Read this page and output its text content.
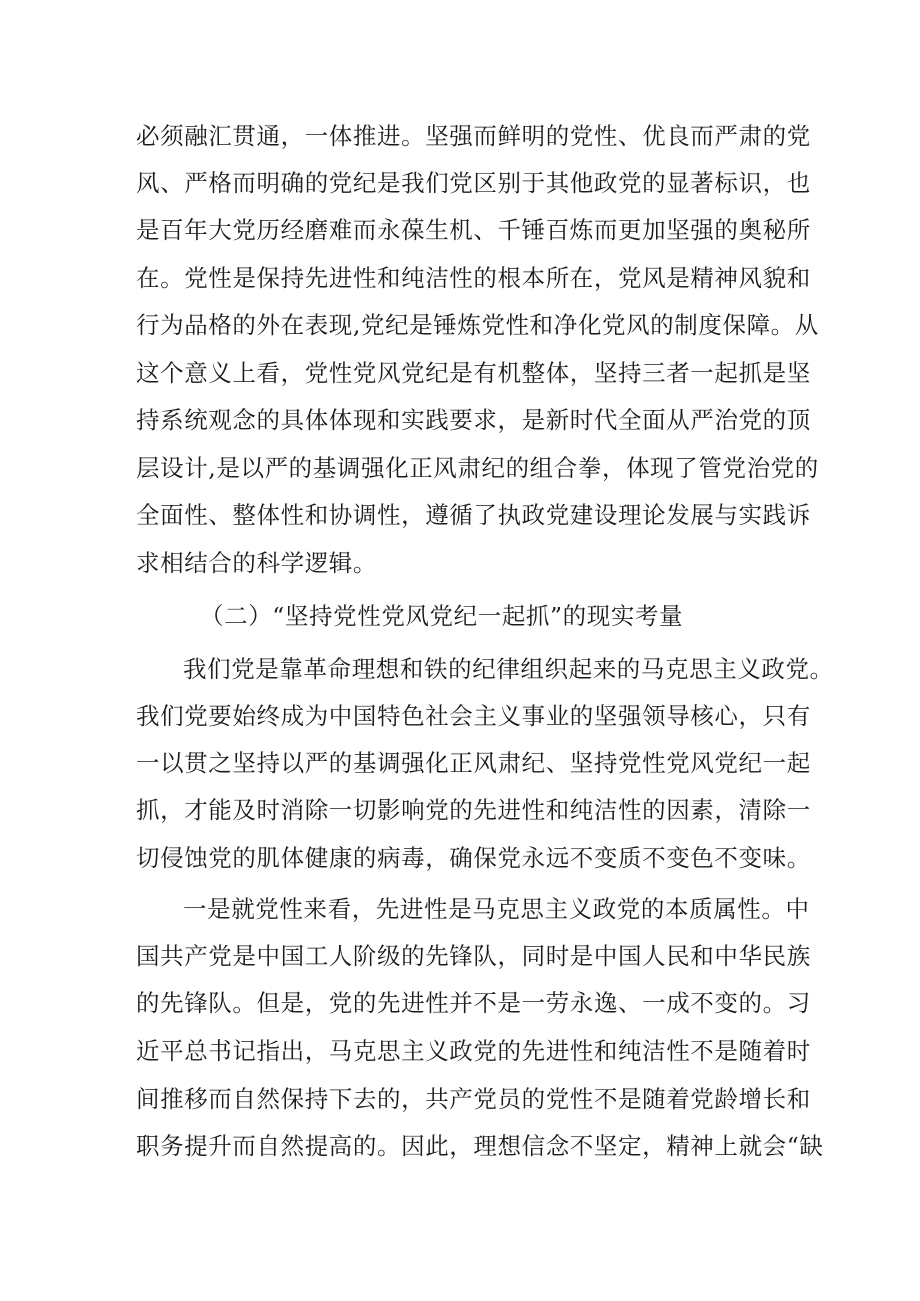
必须融汇贯通，一体推进。坚强而鲜明的党性、优良而严肃的党
风、严格而明确的党纪是我们党区别于其他政党的显著标识，也
是百年大党历经磨难而永葆生机、千锤百炼而更加坚强的奥秘所
在。党性是保持先进性和纯洁性的根本所在，党风是精神风貌和
行为品格的外在表现,党纪是锤炼党性和净化党风的制度保障。从
这个意义上看，党性党风党纪是有机整体，坚持三者一起抓是坚
持系统观念的具体体现和实践要求，是新时代全面从严治党的顶
层设计,是以严的基调强化正风肃纪的组合拳，体现了管党治党的
全面性、整体性和协调性，遵循了执政党建设理论发展与实践诉
求相结合的科学逻辑。
（二）“坚持党性党风党纪一起抓”的现实考量
我们党是靠革命理想和铁的纪律组织起来的马克思主义政党。
我们党要始终成为中国特色社会主义事业的坚强领导核心，只有
一以贯之坚持以严的基调强化正风肃纪、坚持党性党风党纪一起
抓，才能及时消除一切影响党的先进性和纯洁性的因素，清除一
切侵蚀党的肌体健康的病毒，确保党永远不变质不变色不变味。
一是就党性来看，先进性是马克思主义政党的本质属性。中
国共产党是中国工人阶级的先锋队，同时是中国人民和中华民族
的先锋队。但是，党的先进性并不是一劳永逸、一成不变的。习
近平总书记指出，马克思主义政党的先进性和纯洁性不是随着时
间推移而自然保持下去的，共产党员的党性不是随着党龄增长和
职务提升而自然提高的。因此，理想信念不坚定，精神上就会“缺
